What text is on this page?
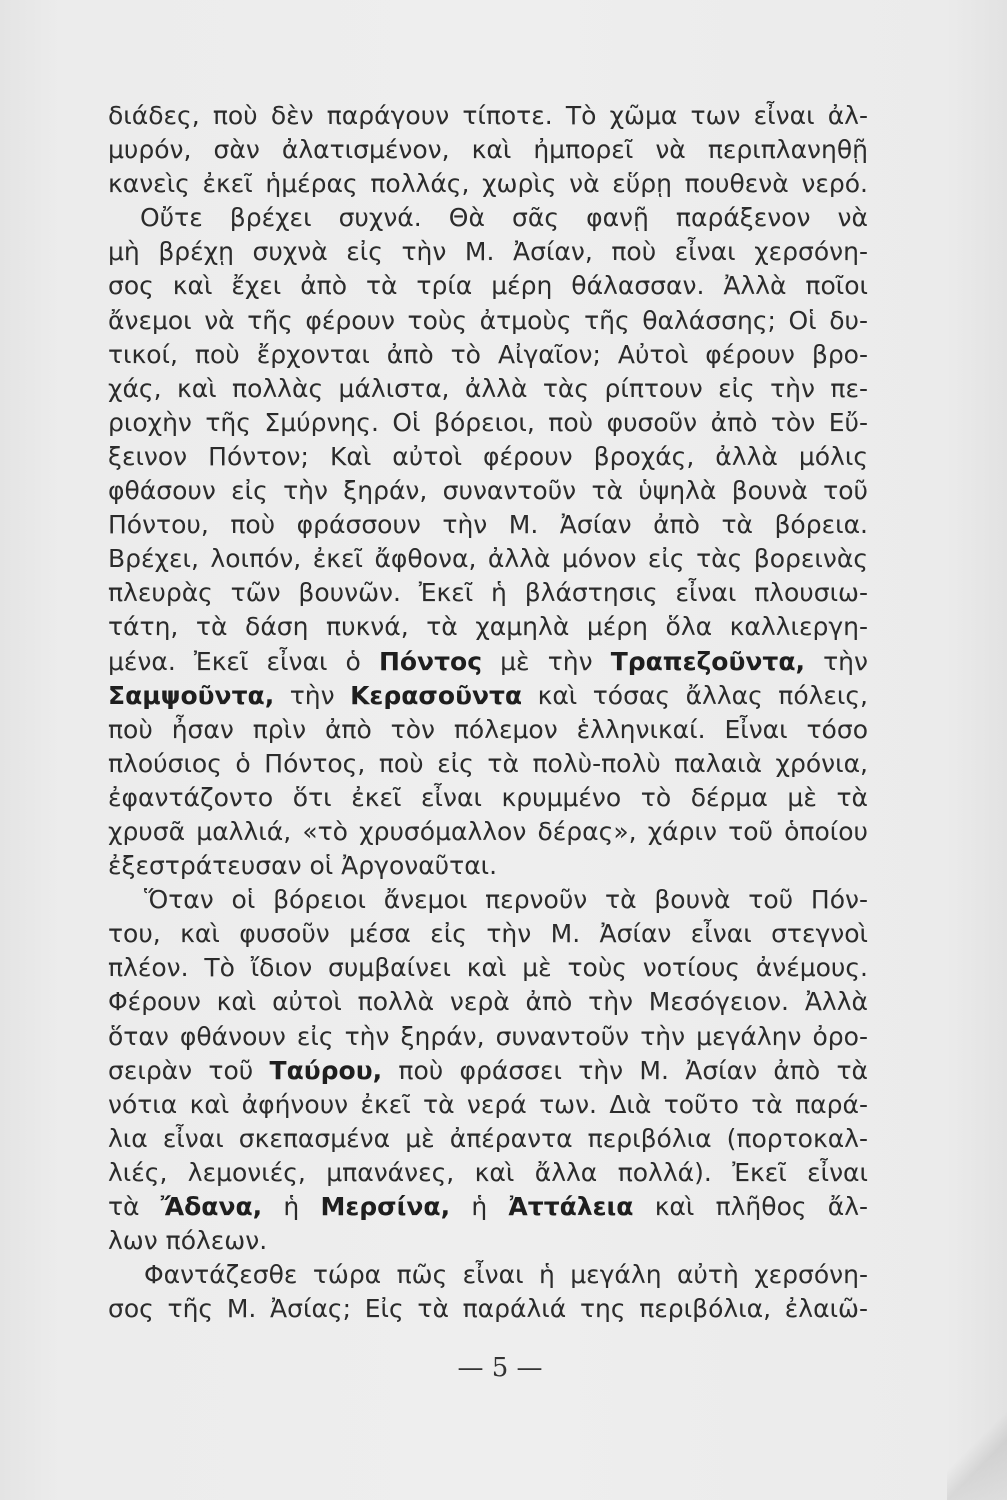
διάδες, ποὺ δὲν παράγουν τίποτε. Τὸ χῶμα των εἶναι ἀλ-
μυρόν, σὰν ἀλατισμένον, καὶ ἠμπορεῖ νὰ περιπλανηθῇ
κανεὶς ἐκεῖ ἡμέρας πολλάς, χωρὶς νὰ εὕρῃ πουθενὰ νερό.
Οὔτε βρέχει συχνά. Θὰ σᾶς φανῇ παράξενον νὰ
μὴ βρέχῃ συχνὰ εἰς τὴν Μ. Ἀσίαν, ποὺ εἶναι χερσόνη-
σος καὶ ἔχει ἀπὸ τὰ τρία μέρη θάλασσαν. Ἀλλὰ ποῖοι
ἄνεμοι νὰ τῆς φέρουν τοὺς ἀτμοὺς τῆς θαλάσσης; Οἱ δυ-
τικοί, ποὺ ἔρχονται ἀπὸ τὸ Αἰγαῖον; Αὐτοὶ φέρουν βρο-
χάς, καὶ πολλὰς μάλιστα, ἀλλὰ τὰς ρίπτουν εἰς τὴν πε-
ριοχὴν τῆς Σμύρνης. Οἱ βόρειοι, ποὺ φυσοῦν ἀπὸ τὸν Εὔ-
ξεινον Πόντον; Καὶ αὐτοὶ φέρουν βροχάς, ἀλλὰ μόλις
φθάσουν εἰς τὴν ξηράν, συναντοῦν τὰ ὑψηλὰ βουνὰ τοῦ
Πόντου, ποὺ φράσσουν τὴν Μ. Ἀσίαν ἀπὸ τὰ βόρεια.
Βρέχει, λοιπόν, ἐκεῖ ἄφθονα, ἀλλὰ μόνον εἰς τὰς βορεινὰς
πλευρὰς τῶν βουνῶν. Ἐκεῖ ἡ βλάστησις εἶναι πλουσιω-
τάτη, τὰ δάση πυκνά, τὰ χαμηλὰ μέρη ὅλα καλλιεργη-
μένα. Ἐκεῖ εἶναι ὁ Πόντος μὲ τὴν Τραπεζοῦντα, τὴν
Σαμψοῦντα, τὴν Κερασοῦντα καὶ τόσας ἄλλας πόλεις,
ποὺ ἦσαν πρὶν ἀπὸ τὸν πόλεμον ἑλληνικαί. Εἶναι τόσο
πλούσιος ὁ Πόντος, ποὺ εἰς τὰ πολὺ-πολὺ παλαιὰ χρόνια,
ἐφαντάζοντο ὅτι ἐκεῖ εἶναι κρυμμένο τὸ δέρμα μὲ τὰ
χρυσᾶ μαλλιά, «τὸ χρυσόμαλλον δέρας», χάριν τοῦ ὁποίου
ἐξεστράτευσαν οἱ Ἀργοναῦται.
Ὅταν οἱ βόρειοι ἄνεμοι περνοῦν τὰ βουνὰ τοῦ Πόν-
του, καὶ φυσοῦν μέσα εἰς τὴν Μ. Ἀσίαν εἶναι στεγνοὶ
πλέον. Τὸ ἴδιον συμβαίνει καὶ μὲ τοὺς νοτίους ἀνέμους.
Φέρουν καὶ αὐτοὶ πολλὰ νερὰ ἀπὸ τὴν Μεσόγειον. Ἀλλὰ
ὅταν φθάνουν εἰς τὴν ξηράν, συναντοῦν τὴν μεγάλην ὀρο-
σειρὰν τοῦ Ταύρου, ποὺ φράσσει τὴν Μ. Ἀσίαν ἀπὸ τὰ
νότια καὶ ἀφήνουν ἐκεῖ τὰ νερά των. Διὰ τοῦτο τὰ παρά-
λια εἶναι σκεπασμένα μὲ ἀπέραντα περιβόλια (πορτοκαλ-
λιές, λεμονιές, μπανάνες, καὶ ἄλλα πολλά). Ἐκεῖ εἶναι
τὰ Ἄδανα, ἡ Μερσίνα, ἡ Ἀττάλεια καὶ πλῆθος ἄλ-
λων πόλεων.
Φαντάζεσθε τώρα πῶς εἶναι ἡ μεγάλη αὐτὴ χερσόνη-
σος τῆς Μ. Ἀσίας; Εἰς τὰ παράλιά της περιβόλια, ἐλαιῶ-
— 5 —
